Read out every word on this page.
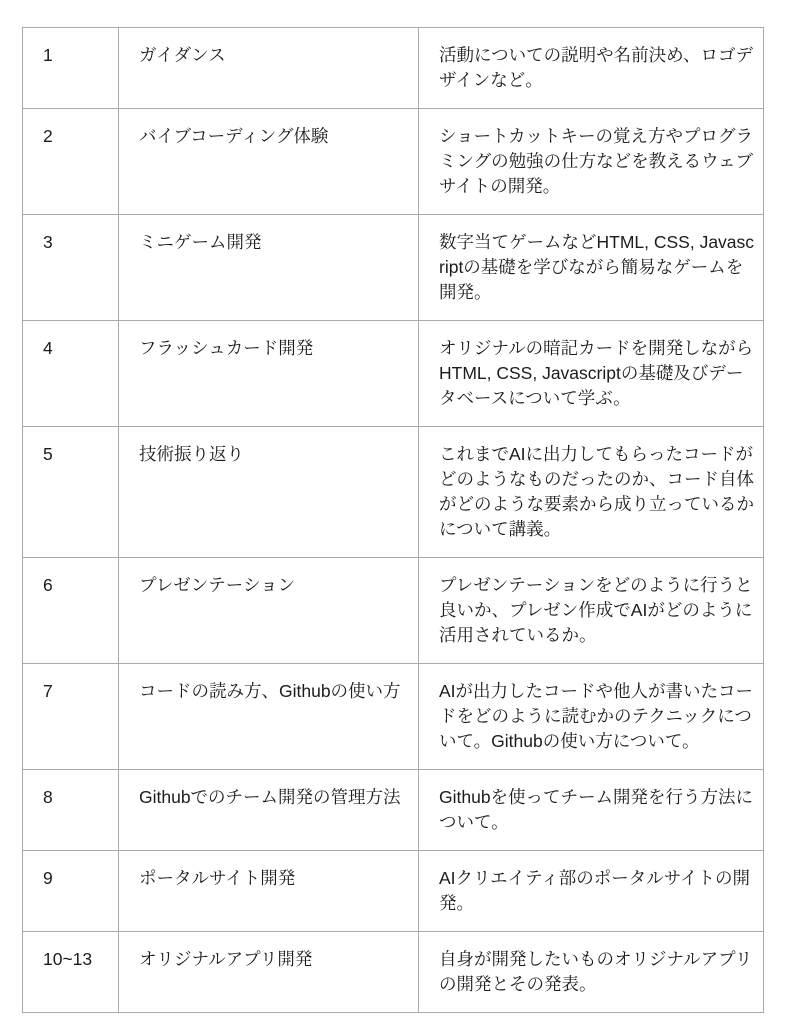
1	ガイダンス	活動についての説明や名前決め、ロゴデザインなど。
2	バイブコーディング体験	ショートカットキーの覚え方やプログラミングの勉強の仕方などを教えるウェブサイトの開発。
3	ミニゲーム開発	数字当てゲームなどHTML, CSS, Javascriptの基礎を学びながら簡易なゲームを開発。
4	フラッシュカード開発	オリジナルの暗記カードを開発しながらHTML, CSS, Javascriptの基礎及びデータベースについて学ぶ。
5	技術振り返り	これまでAIに出力してもらったコードがどのようなものだったのか、コード自体がどのような要素から成り立っているかについて講義。
6	プレゼンテーション	プレゼンテーションをどのように行うと良いか、プレゼン作成でAIがどのように活用されているか。
7	コードの読み方、Githubの使い方	AIが出力したコードや他人が書いたコードをどのように読むかのテクニックについて。Githubの使い方について。
8	Githubでのチーム開発の管理方法	Githubを使ってチーム開発を行う方法について。
9	ポータルサイト開発	AIクリエイティ部のポータルサイトの開発。
10~13	オリジナルアプリ開発	自身が開発したいものオリジナルアプリの開発とその発表。
